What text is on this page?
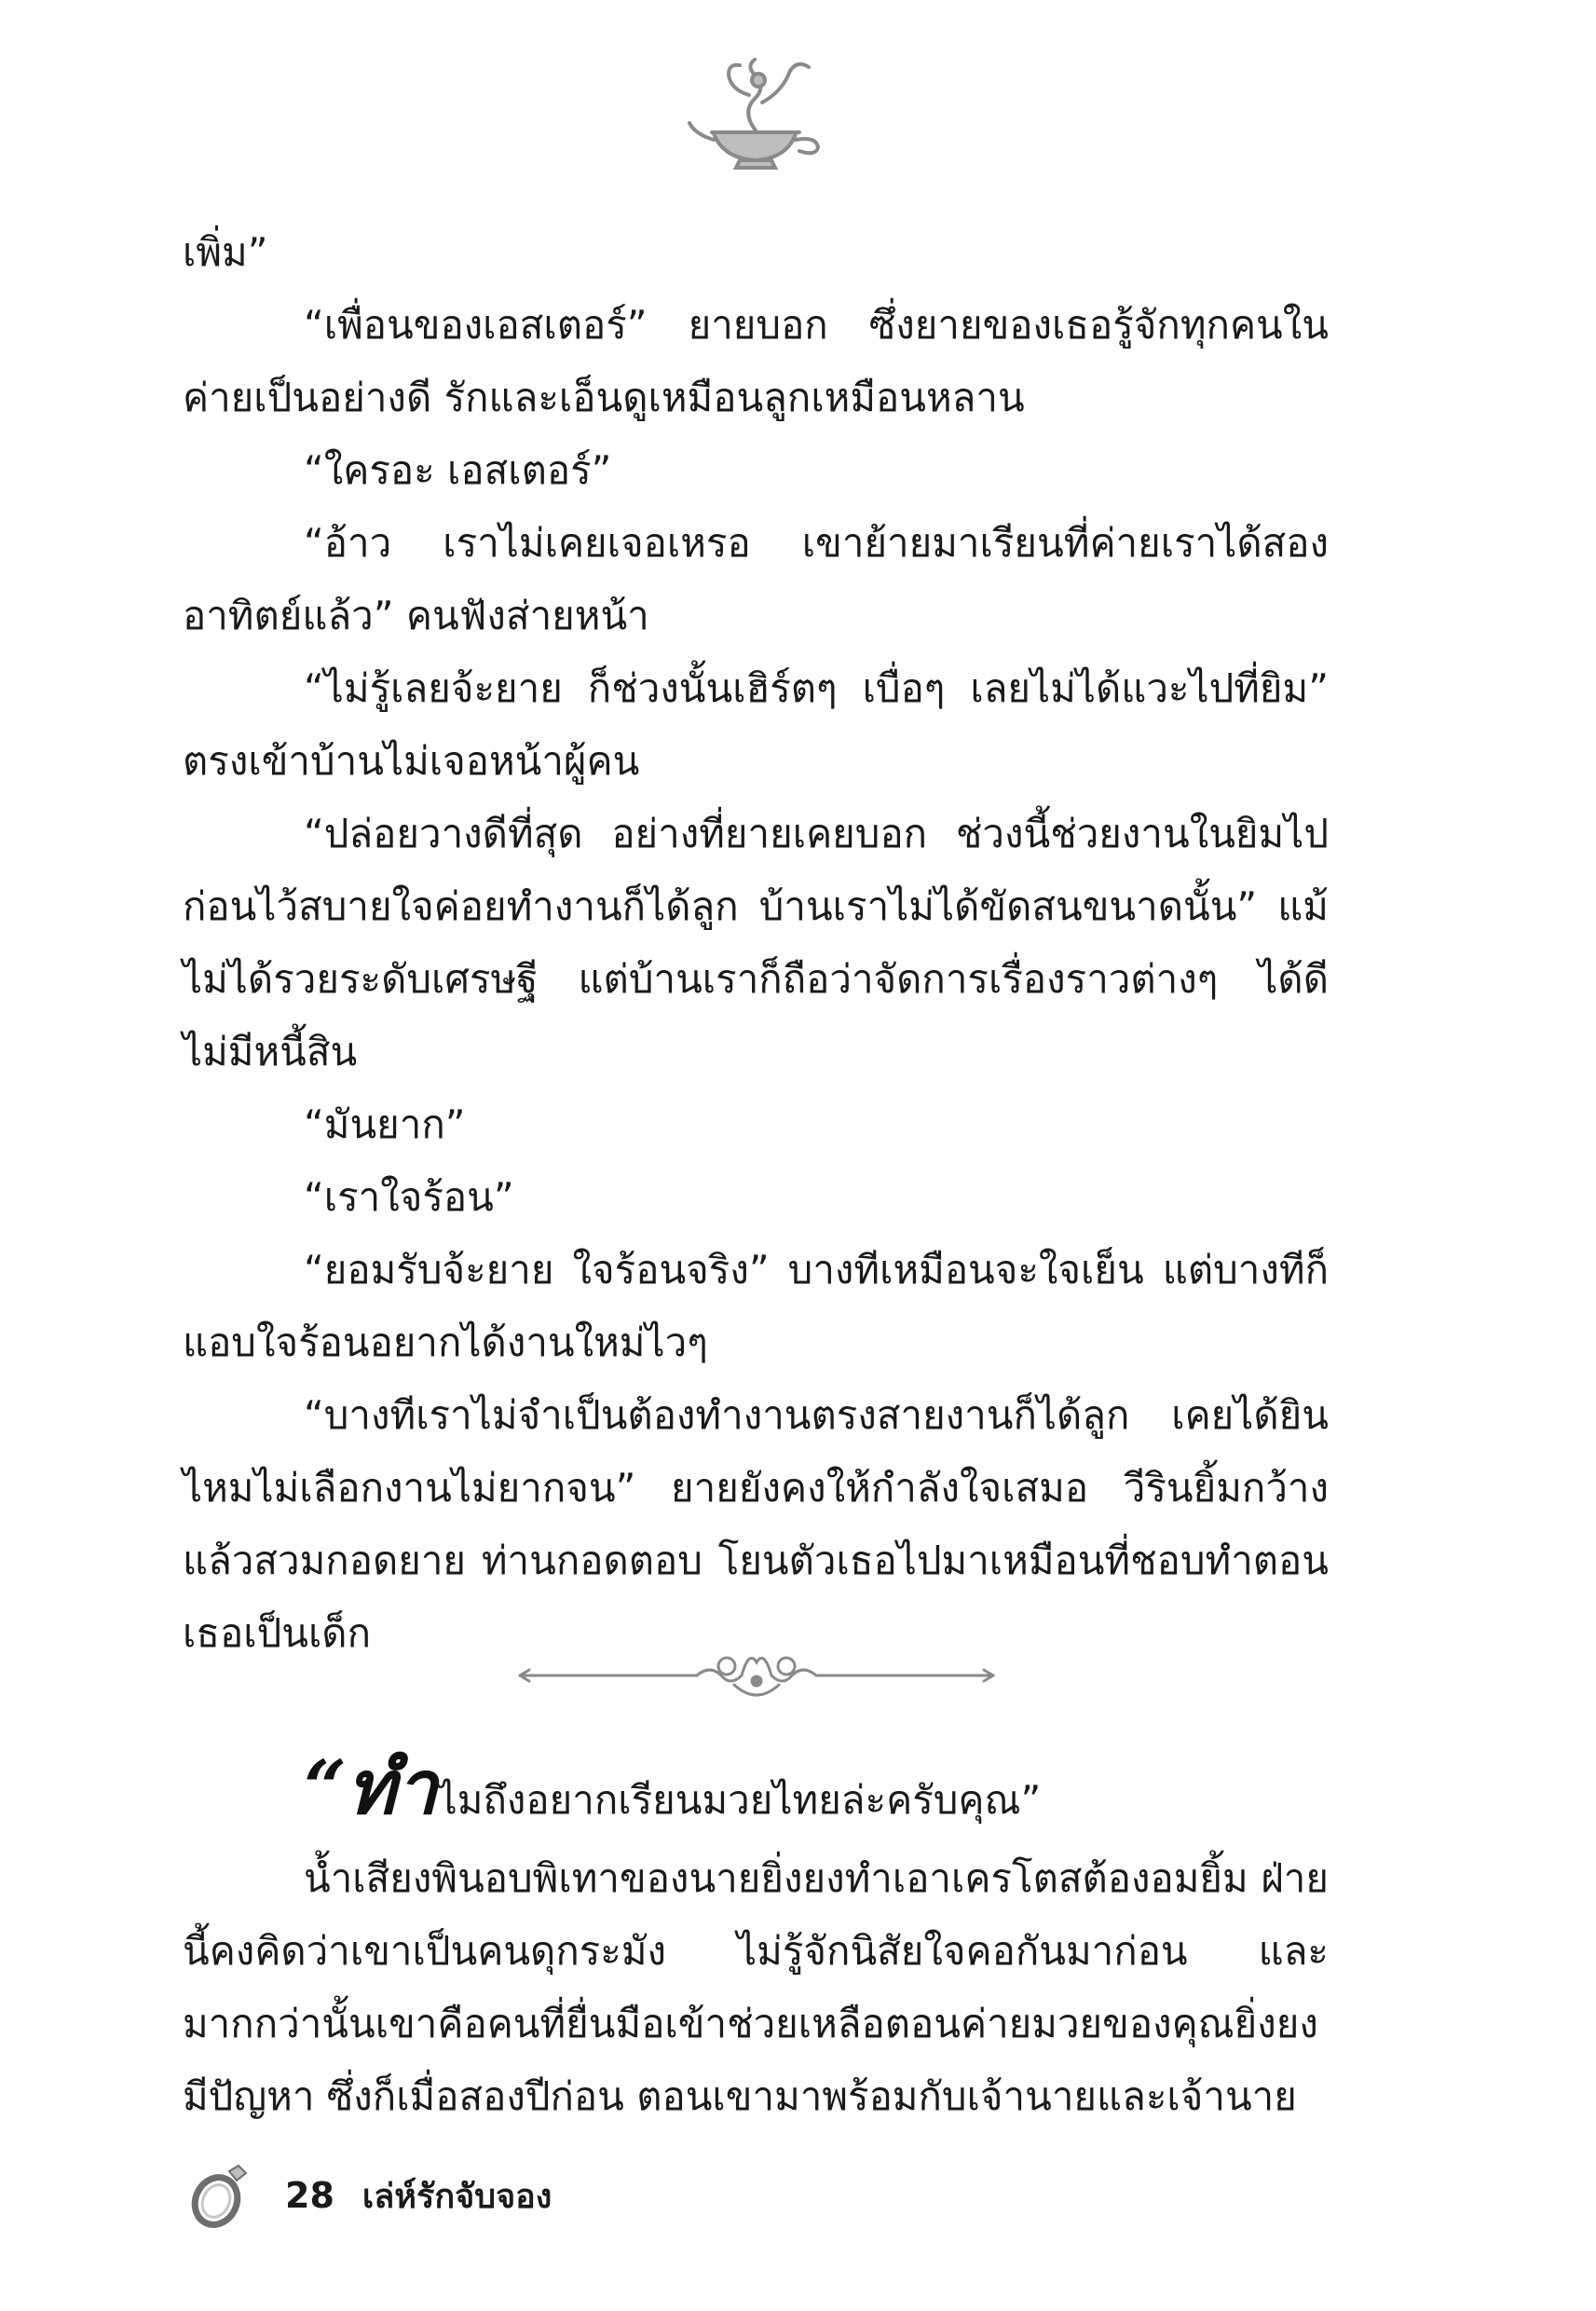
เพิ่ม”

“เพื่อนของเอสเตอร์” ยายบอก ซึ่งยายของเธอรู้จักทุกคนในค่ายเป็นอย่างดี รักและเอ็นดูเหมือนลูกเหมือนหลาน

“ใครอะ เอสเตอร์”

“อ้าว เราไม่เคยเจอเหรอ เขาย้ายมาเรียนที่ค่ายเราได้สองอาทิตย์แล้ว” คนฟังส่ายหน้า

“ไม่รู้เลยจ้ะยาย ก็ช่วงนั้นเฮิร์ตๆ เบื่อๆ เลยไม่ได้แวะไปที่ยิม” ตรงเข้าบ้านไม่เจอหน้าผู้คน

“ปล่อยวางดีที่สุด อย่างที่ยายเคยบอก ช่วงนี้ช่วยงานในยิมไปก่อนไว้สบายใจค่อยทำงานก็ได้ลูก บ้านเราไม่ได้ขัดสนขนาดนั้น” แม้ไม่ได้รวยระดับเศรษฐี แต่บ้านเราก็ถือว่าจัดการเรื่องราวต่างๆ ได้ดี ไม่มีหนี้สิน

“มันยาก”

“เราใจร้อน”

“ยอมรับจ้ะยาย ใจร้อนจริง” บางทีเหมือนจะใจเย็น แต่บางทีก็แอบใจร้อนอยากได้งานใหม่ไวๆ

“บางทีเราไม่จำเป็นต้องทำงานตรงสายงานก็ได้ลูก เคยได้ยินไหมไม่เลือกงานไม่ยากจน” ยายยังคงให้กำลังใจเสมอ วีรินยิ้มกว้างแล้วสวมกอดยาย ท่านกอดตอบ โยนตัวเธอไปมาเหมือนที่ชอบทำตอนเธอเป็นเด็ก

“ทำไมถึงอยากเรียนมวยไทยล่ะครับคุณ”

น้ำเสียงพินอบพิเทาของนายยิ่งยงทำเอาเครโตสต้องอมยิ้ม ฝ่ายนี้คงคิดว่าเขาเป็นคนดุกระมัง ไม่รู้จักนิสัยใจคอกันมาก่อน และมากกว่านั้นเขาคือคนที่ยื่นมือเข้าช่วยเหลือตอนค่ายมวยของคุณยิ่งยงมีปัญหา ซึ่งก็เมื่อสองปีก่อน ตอนเขามาพร้อมกับเจ้านายและเจ้านาย

28 เล่ห์รักจับจอง
